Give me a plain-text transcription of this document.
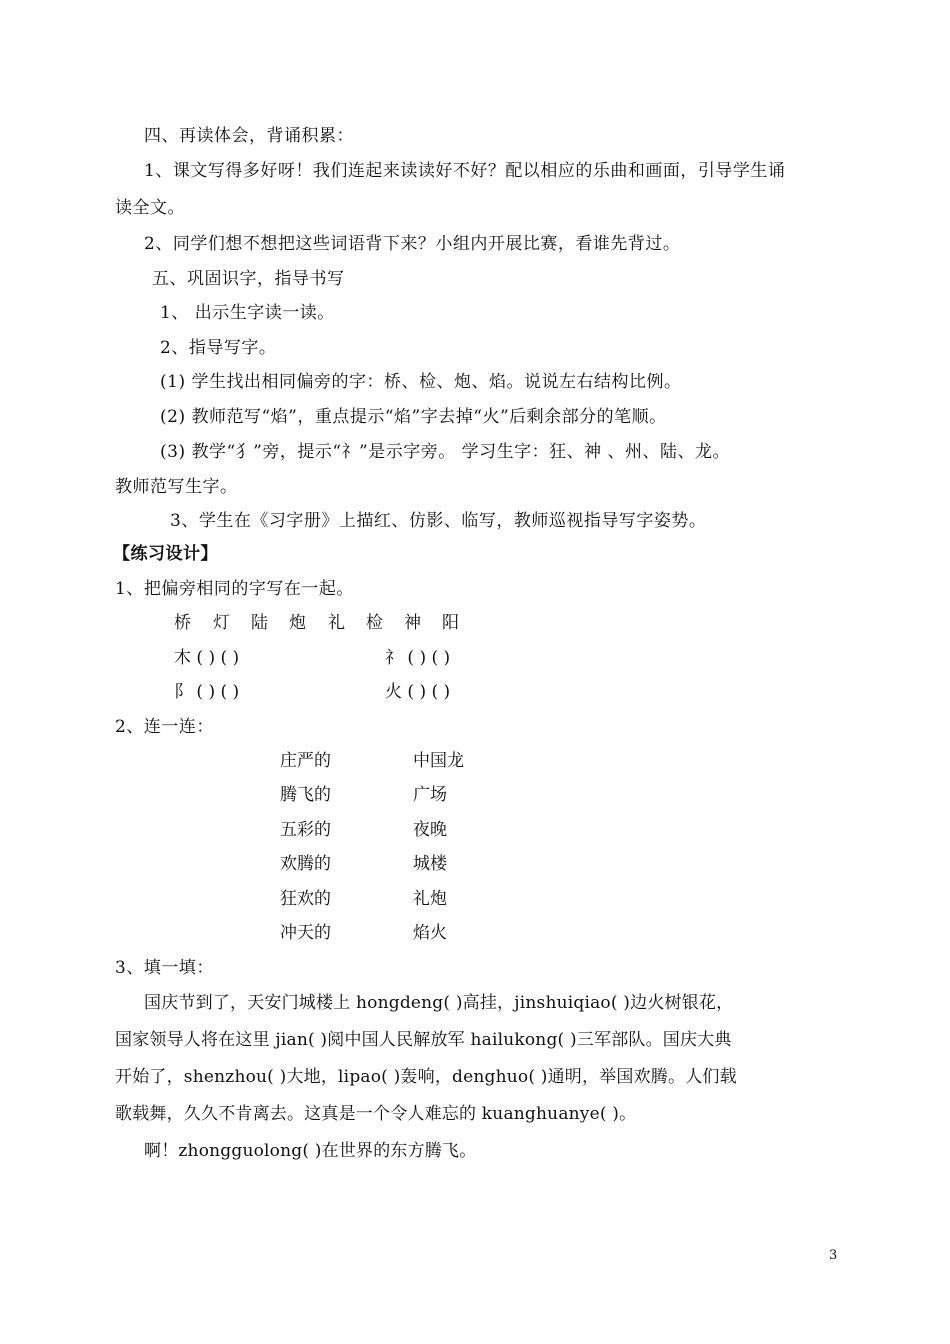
四、再读体会，背诵积累：
1、课文写得多好呀！我们连起来读读好不好？配以相应的乐曲和画面，引导学生诵
读全文。
2、同学们想不想把这些词语背下来？小组内开展比赛，看谁先背过。
五、巩固识字，指导书写
1、 出示生字读一读。
2、指导写字。
(1) 学生找出相同偏旁的字：桥、检、炮、焰。说说左右结构比例。
(2) 教师范写“焰”，重点提示“焰”字去掉“火”后剩余部分的笔顺。
(3) 教学“犭”旁，提示“礻”是示字旁。 学习生字：狂、神 、州、陆、龙。
教师范写生字。
3、学生在《习字册》上描红、仿影、临写，教师巡视指导写字姿势。
【练习设计】
1、把偏旁相同的字写在一起。
桥 灯 陆 炮 礼 检 神 阳
木 ( ) ( )	礻 ( ) ( )
阝 ( ) ( )	火 ( ) ( )
2、连一连：
庄严的	中国龙
腾飞的	广场
五彩的	夜晚
欢腾的	城楼
狂欢的	礼炮
冲天的	焰火
3、填一填：
国庆节到了，天安门城楼上 hongdeng( )高挂，jinshuiqiao( )边火树银花，
国家领导人将在这里 jian( )阅中国人民解放军 hailukong( )三军部队。国庆大典
开始了，shenzhou( )大地，lipao( )轰响，denghuo( )通明，举国欢腾。人们载
歌载舞，久久不肯离去。这真是一个令人难忘的 kuanghuanye( )。
啊！zhongguolong( )在世界的东方腾飞。
3
